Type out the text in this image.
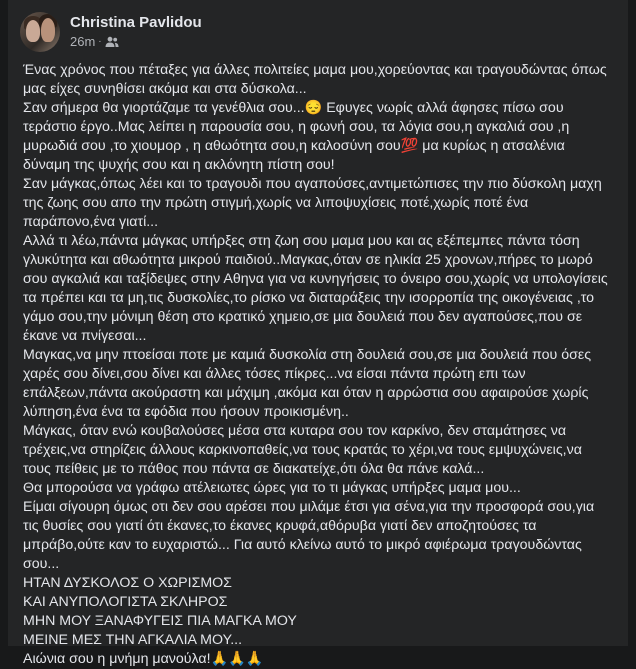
Christina Pavlidou
26m ·

Ένας χρόνος που πέταξες για άλλες πολιτείες μαμα μου,χορεύοντας και τραγουδώντας όπως μας είχες συνηθίσει ακόμα και στα δύσκολα...

Σαν σήμερα θα γιορτάζαμε τα γενέθλια σου...😔 Εφυγες νωρίς αλλά άφησες πίσω σου τεράστιο έργο..Μας λείπει η παρουσία σου, η φωνή σου, τα λόγια σου,η αγκαλιά σου ,η μυρωδιά σου ,το χιουμορ , η αθωότητα σου,η καλοσύνη σου💯 μα κυρίως η ατσαλένια δύναμη της ψυχής σου και η ακλόνητη πίστη σου!

Σαν μάγκας,όπως λέει και το τραγουδι που αγαπούσες,αντιμετώπισες την πιο δύσκολη μαχη της ζωης σου απο την πρώτη στιγμή,χωρίς να λιποψυχίσεις ποτέ,χωρίς ποτέ ένα παράπονο,ένα γιατί...

Αλλά τι λέω,πάντα μάγκας υπήρξες στη ζωη σου μαμα μου και ας εξέπεμπες πάντα τόση γλυκύτητα και αθωότητα μικρού παιδιού..Μαγκας,όταν σε ηλικία 25 χρονων,πήρες το μωρό σου αγκαλιά και ταξίδεψες στην Αθηνα για να κυνηγήσεις το όνειρο σου,χωρίς να υπολογίσεις τα πρέπει και τα μη,τις δυσκολίες,το ρίσκο να διαταράξεις την ισορροπία της οικογένειας ,το γάμο σου,την μόνιμη θέση στο κρατικό χημειο,σε μια δουλειά που δεν αγαπούσες,που σε έκανε να πνίγεσαι...

Μαγκας,να μην πτοείσαι ποτε με καμιά δυσκολία στη δουλειά σου,σε μια δουλειά που όσες χαρές σου δίνει,σου δίνει και άλλες τόσες πίκρες...να είσαι πάντα πρώτη επι των επάλξεων,πάντα ακούραστη και μάχιμη ,ακόμα και όταν η αρρώστια σου αφαιρούσε χωρίς λύπηση,ένα ένα τα εφόδια που ήσουν προικισμένη..

Μάγκας, όταν ενώ κουβαλούσες μέσα στα κυταρα σου τον καρκίνο, δεν σταμάτησες να τρέχεις,να στηρίζεις άλλους καρκινοπαθείς,να τους κρατάς το χέρι,να τους εμψυχώνεις,να τους πείθεις με το πάθος που πάντα σε διακατείχε,ότι όλα θα πάνε καλά...

Θα μπορούσα να γράφω ατέλειωτες ώρες για το τι μάγκας υπήρξες μαμα μου...

Είμαι σίγουρη όμως οτι δεν σου αρέσει που μιλάμε έτσι για σένα,για την προσφορά σου,για τις θυσίες σου γιατί ότι έκανες,το έκανες κρυφά,αθόρυβα γιατί δεν αποζητούσες τα μπράβο,ούτε καν το ευχαριστώ... Για αυτό κλείνω αυτό το μικρό αφιέρωμα τραγουδώντας σου...

ΗΤΑΝ ΔΥΣΚΟΛΟΣ Ο ΧΩΡΙΣΜΟΣ

ΚΑΙ ΑΝΥΠΟΛΟΓΙΣΤΑ ΣΚΛΗΡΟΣ

ΜΗΝ ΜΟΥ ΞΑΝΑΦΥΓΕΙΣ ΠΙΑ ΜΑΓΚΑ ΜΟΥ

ΜΕΙΝΕ ΜΕΣ ΤΗΝ ΑΓΚΑΛΙΑ ΜΟΥ...

Αιώνια σου η μνήμη μανούλα!🙏🙏🙏
